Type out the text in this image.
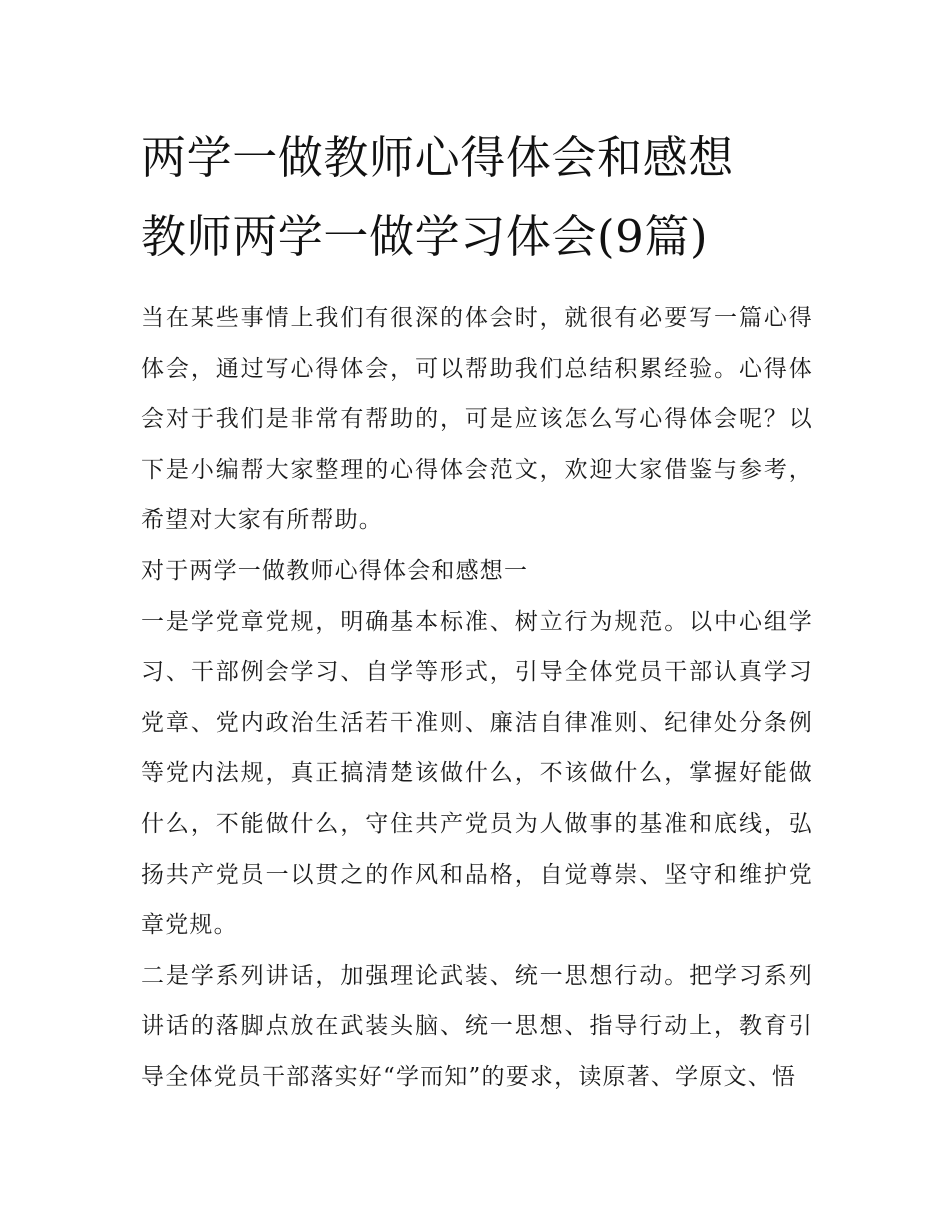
两学一做教师心得体会和感想
教师两学一做学习体会(9篇)

当在某些事情上我们有很深的体会时，就很有必要写一篇心得体会，通过写心得体会，可以帮助我们总结积累经验。心得体会对于我们是非常有帮助的，可是应该怎么写心得体会呢？以下是小编帮大家整理的心得体会范文，欢迎大家借鉴与参考，希望对大家有所帮助。

对于两学一做教师心得体会和感想一

一是学党章党规，明确基本标准、树立行为规范。以中心组学习、干部例会学习、自学等形式，引导全体党员干部认真学习党章、党内政治生活若干准则、廉洁自律准则、纪律处分条例等党内法规，真正搞清楚该做什么，不该做什么，掌握好能做什么，不能做什么，守住共产党员为人做事的基准和底线，弘扬共产党员一以贯之的作风和品格，自觉尊崇、坚守和维护党章党规。

二是学系列讲话，加强理论武装、统一思想行动。把学习系列讲话的落脚点放在武装头脑、统一思想、指导行动上，教育引导全体党员干部落实好“学而知”的要求，读原著、学原文、悟
